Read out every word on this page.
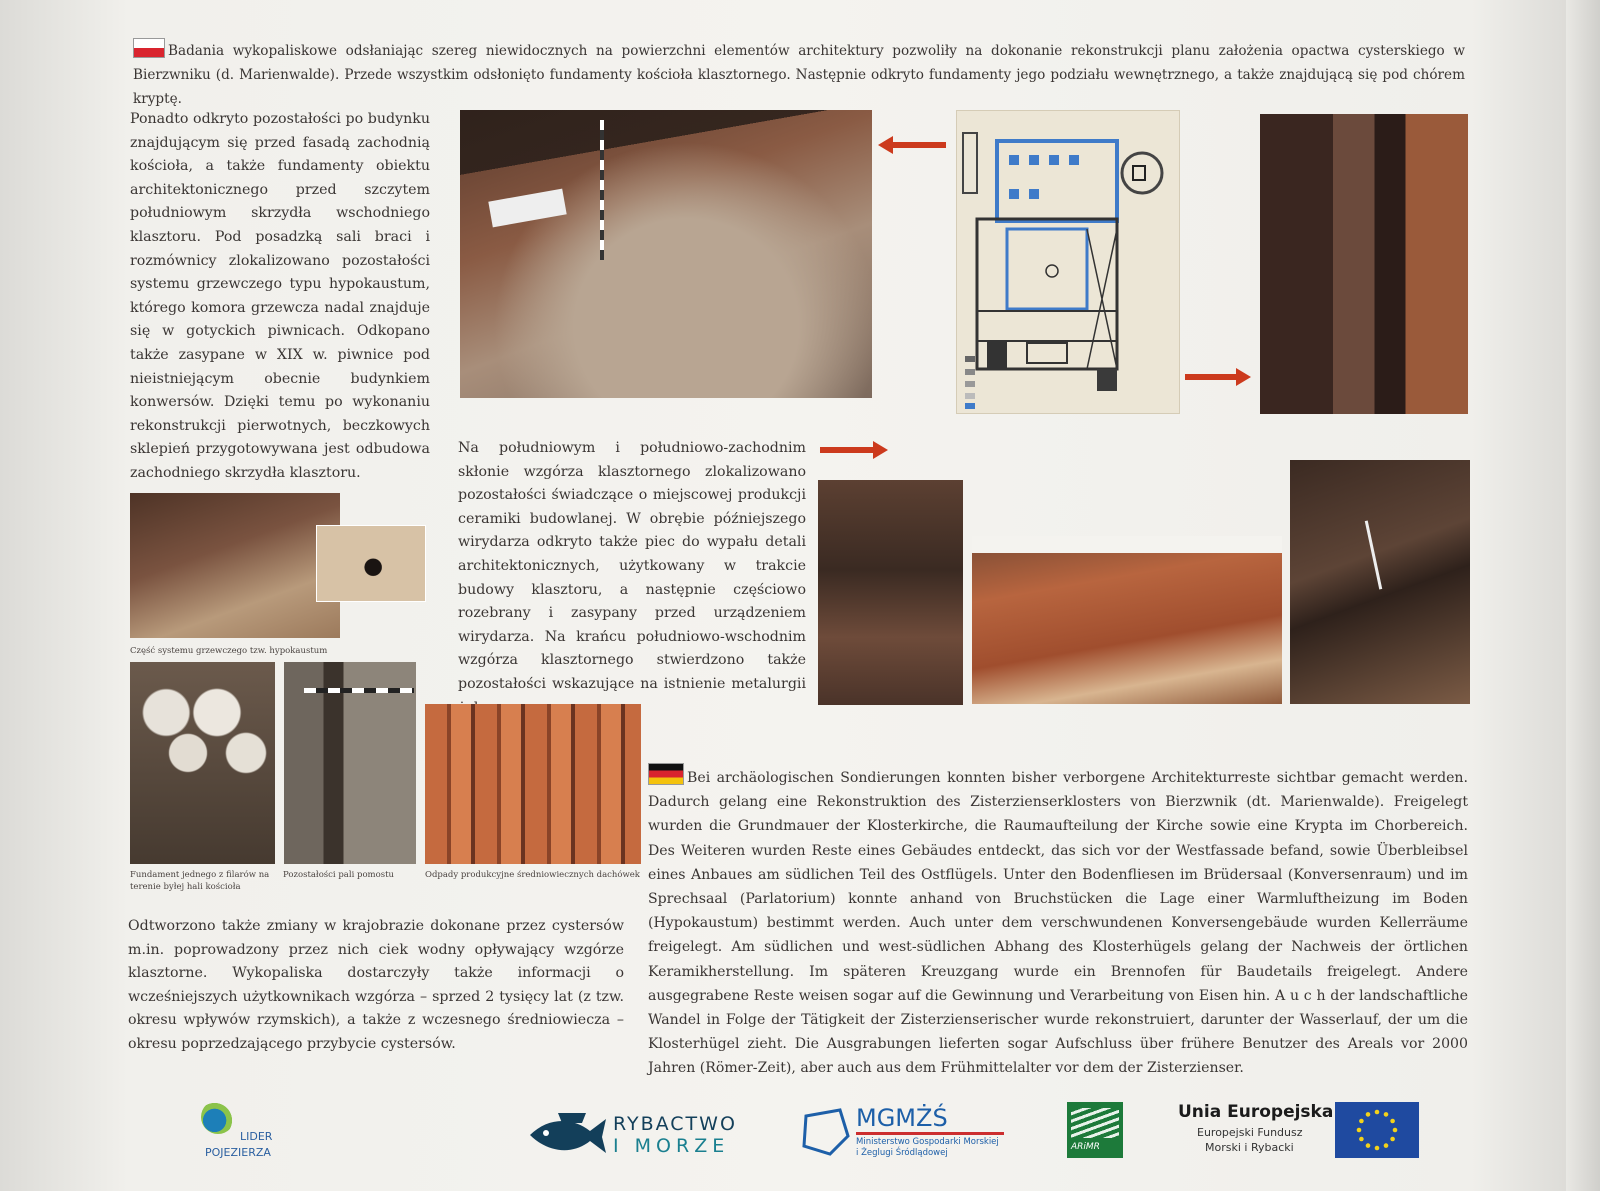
Badania wykopaliskowe odsłaniając szereg niewidocznych na powierzchni elementów architektury pozwoliły na dokonanie rekonstrukcji planu założenia opactwa cysterskiego w Bierzwniku (d. Marienwalde). Przede wszystkim odsłonięto fundamenty kościoła klasztornego. Następnie odkryto fundamenty jego podziału wewnętrznego, a także znajdującą się pod chórem kryptę.
Ponadto odkryto pozostałości po budynku znajdującym się przed fasadą zachodnią kościoła, a także fundamenty obiektu architektonicznego przed szczytem południowym skrzydła wschodniego klasztoru. Pod posadzką sali braci i rozmównicy zlokalizowano pozostałości systemu grzewczego typu hypokaustum, którego komora grzewcza nadal znajduje się w gotyckich piwnicach. Odkopano także zasypane w XIX w. piwnice pod nieistniejącym obecnie budynkiem konwersów. Dzięki temu po wykonaniu rekonstrukcji pierwotnych, beczkowych sklepień przygotowywana jest odbudowa zachodniego skrzydła klasztoru.
Na południowym i południowo-zachodnim skłonie wzgórza klasztornego zlokalizowano pozostałości świadczące o miejscowej produkcji ceramiki budowlanej. W obrębie późniejszego wirydarza odkryto także piec do wypału detali architektonicznych, użytkowany w trakcie budowy klasztoru, a następnie częściowo rozebrany i zasypany przed urządzeniem wirydarza. Na krańcu południowo-wschodnim wzgórza klasztornego stwierdzono także pozostałości wskazujące na istnienie metalurgii
Część systemu grzewczego tzw. hypokaustum
Fundament jednego z filarów na terenie byłej hali kościoła
Pozostałości pali pomostu	Odpady produkcyjne średniowiecznych dachówek
Odtworzono także zmiany w krajobrazie dokonane przez cystersów m.in. poprowadzony przez nich ciek wodny opływający wzgórze klasztorne. Wykopaliska dostarczyły także informacji o wcześniejszych użytkownikach wzgórza – sprzed 2 tysięcy lat (z tzw. okresu wpływów rzymskich), a także z wczesnego średniowiecza – okresu poprzedzającego przybycie cystersów.
Bei archäologischen Sondierungen konnten bisher verborgene Architekturreste sichtbar gemacht werden. Dadurch gelang eine Rekonstruktion des Zisterzienserklosters von Bierzwnik (dt. Marienwalde). Freigelegt wurden die Grundmauer der Klosterkirche, die Raumaufteilung der Kirche sowie eine Krypta im Chorbereich. Des Weiteren wurden Reste eines Gebäudes entdeckt, das sich vor der Westfassade befand, sowie Überbleibsel eines Anbaues am südlichen Teil des Ostflügels. Unter den Bodenfliesen im Brüdersaal (Konversenraum) und im Sprechsaal (Parlatorium) konnte anhand von Bruchstücken die Lage einer Warmluftheizung im Boden (Hypokaustum) bestimmt werden. Auch unter dem verschwundenen Konversengebäude wurden Kellerräume freigelegt. Am südlichen und west-südlichen Abhang des Klosterhügels gelang der Nachweis der örtlichen Keramikherstellung. Im späteren Kreuzgang wurde ein Brennofen für Baudetails freigelegt. Andere ausgegrabene Reste weisen sogar auf die Gewinnung und Verarbeitung von Eisen hin. A u c h der landschaftliche Wandel in Folge der Tätigkeit der Zisterzienserischer wurde rekonstruiert, darunter der Wasserlauf, der um die Klosterhügel zieht. Die Ausgrabungen lieferten sogar Aufschluss über frühere Benutzer des Areals vor 2000 Jahren (Römer-Zeit), aber auch aus dem Frühmittelalter vor dem der Zisterzienser.
LIDER
POJEZIERZA
RYBACTWO
I MORZE
MGMŻŚ
Ministerstwo Gospodarki Morskiej
i Żeglugi Śródlądowej
ARiMR
Unia Europejska
Europejski Fundusz
Morski i Rybacki
